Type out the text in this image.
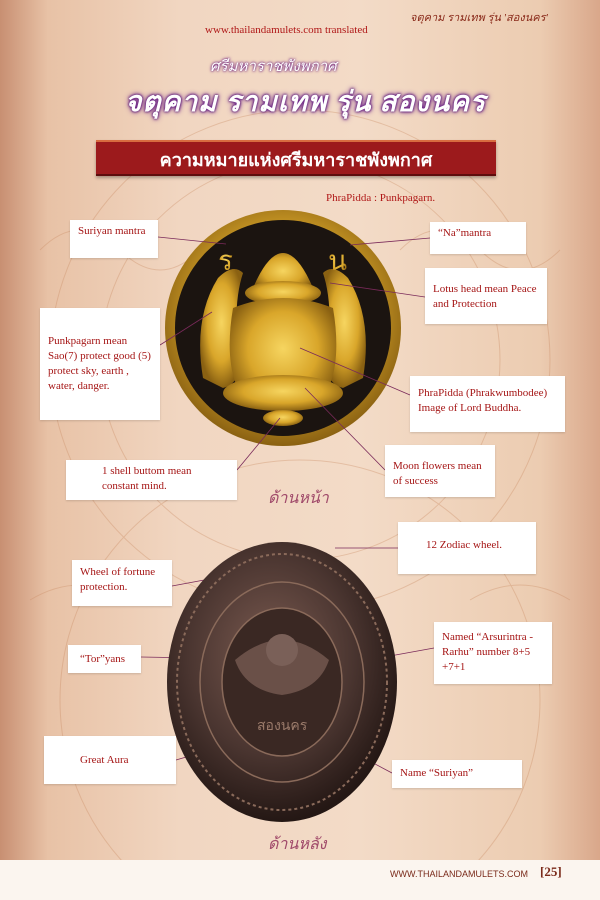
www.thailandamulets.com translated
จตุคาม รามเทพ รุ่น 'สองนคร'
ศรีมหาราชพังพกาศ
จตุคาม รามเทพ รุ่น สองนคร
ความหมายแห่งศรีมหาราชพังพกาศ
PhraPidda : Punkpagarn.
ร	น
Suriyan mantra	“Na”mantra
Lotus head mean Peace and Protection
Punkpagarn mean Sao(7) protect good (5) protect sky, earth , water, danger.
PhraPidda (Phrakwumbodee) Image of Lord Buddha.
1 shell buttom mean constant mind.
Moon flowers mean of success
ด้านหน้า
สองนคร
12 Zodiac wheel.
Wheel of fortune protection.
Named “Arsurintra - Rarhu” number 8+5 +7+1
“Tor”yans
Great Aura
Name “Suriyan”
ด้านหลัง
WWW.THAILANDAMULETS.COM [25]
